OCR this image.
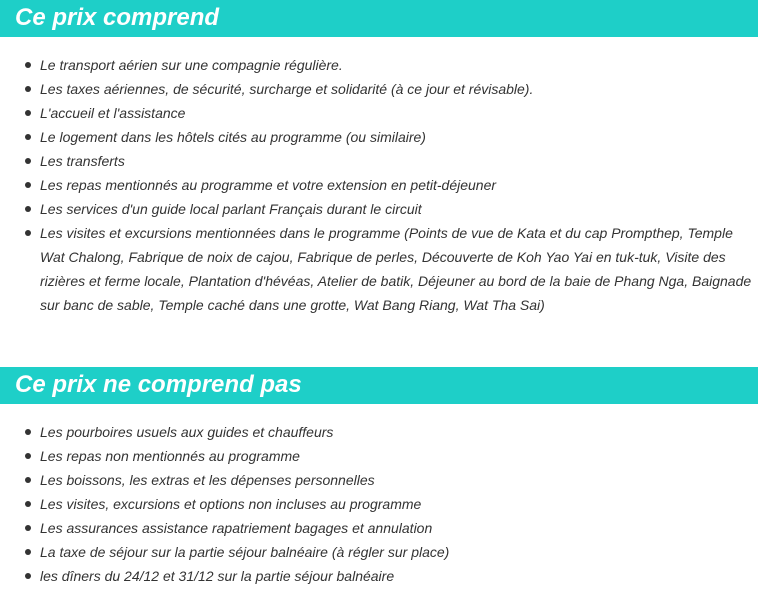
Ce prix comprend
Le transport aérien sur une compagnie régulière.
Les taxes aériennes, de sécurité, surcharge et solidarité (à ce jour et révisable).
L'accueil et l'assistance
Le logement dans les hôtels cités au programme (ou similaire)
Les transferts
Les repas mentionnés au programme et votre extension en petit-déjeuner
Les services d'un guide local parlant Français durant le circuit
Les visites et excursions mentionnées dans le programme (Points de vue de Kata et du cap Prompthep, Temple Wat Chalong, Fabrique de noix de cajou, Fabrique de perles, Découverte de Koh Yao Yai en tuk-tuk, Visite des rizières et ferme locale, Plantation d'hévéas, Atelier de batik, Déjeuner au bord de la baie de Phang Nga, Baignade sur banc de sable, Temple caché dans une grotte, Wat Bang Riang, Wat Tha Sai)
Ce prix ne comprend pas
Les pourboires usuels aux guides et chauffeurs
Les repas non mentionnés au programme
Les boissons, les extras et les dépenses personnelles
Les visites, excursions et options non incluses au programme
Les assurances assistance rapatriement bagages et annulation
La taxe de séjour sur la partie séjour balnéaire (à régler sur place)
les dîners du 24/12 et 31/12 sur la partie séjour balnéaire
